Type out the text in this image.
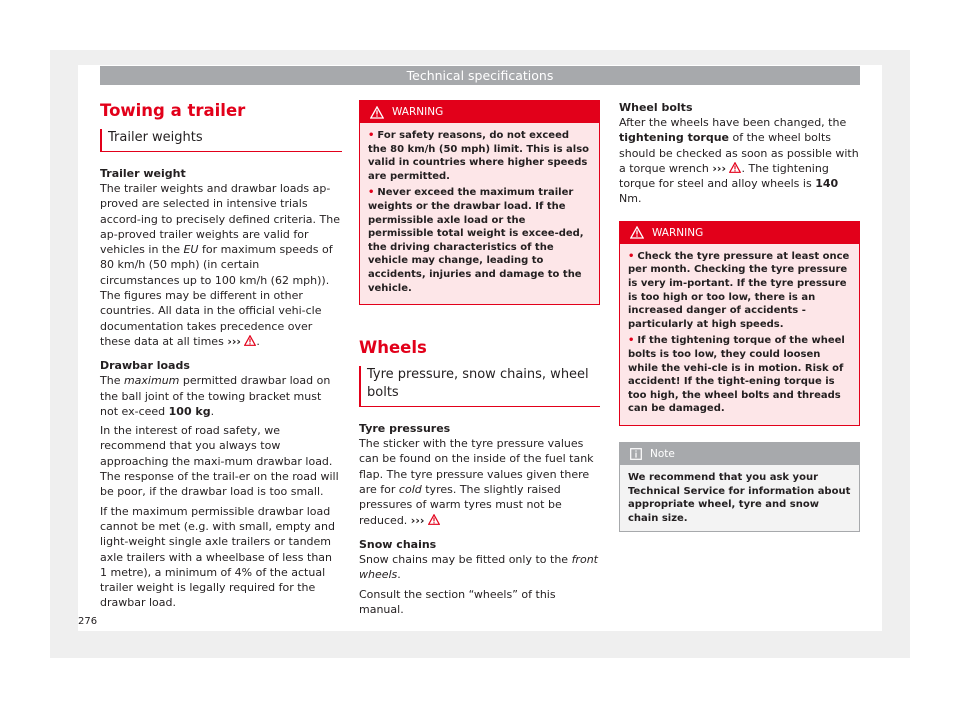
Technical specifications
Towing a trailer
Trailer weights
Trailer weight

The trailer weights and drawbar loads ap-proved are selected in intensive trials accord-ing to precisely defined criteria. The ap-proved trailer weights are valid for vehicles in the EU for maximum speeds of 80 km/h (50 mph) (in certain circumstances up to 100 km/h (62 mph)). The figures may be different in other countries. All data in the official vehi-cle documentation takes precedence over these data at all times ››› .

Drawbar loads

The maximum permitted drawbar load on the ball joint of the towing bracket must not ex-ceed 100 kg.

In the interest of road safety, we recommend that you always tow approaching the maxi-mum drawbar load. The response of the trail-er on the road will be poor, if the drawbar load is too small.

If the maximum permissible drawbar load cannot be met (e.g. with small, empty and light-weight single axle trailers or tandem axle trailers with a wheelbase of less than 1 metre), a minimum of 4% of the actual trailer weight is legally required for the drawbar load.

WARNING
• For safety reasons, do not exceed the 80 km/h (50 mph) limit. This is also valid in countries where higher speeds are permitted.
• Never exceed the maximum trailer weights or the drawbar load. If the permissible axle load or the permissible total weight is excee-ded, the driving characteristics of the vehicle may change, leading to accidents, injuries and damage to the vehicle.
Wheels
Tyre pressure, snow chains, wheel bolts
Tyre pressures

The sticker with the tyre pressure values can be found on the inside of the fuel tank flap. The tyre pressure values given there are for cold tyres. The slightly raised pressures of warm tyres must not be reduced. ›››

Snow chains

Snow chains may be fitted only to the front wheels.

Consult the section “wheels” of this manual.

Wheel bolts

After the wheels have been changed, the tightening torque of the wheel bolts should be checked as soon as possible with a torque wrench ››› . The tightening torque for steel and alloy wheels is 140 Nm.

WARNING
• Check the tyre pressure at least once per month. Checking the tyre pressure is very im-portant. If the tyre pressure is too high or too low, there is an increased danger of accidents - particularly at high speeds.
• If the tightening torque of the wheel bolts is too low, they could loosen while the vehi-cle is in motion. Risk of accident! If the tight-ening torque is too high, the wheel bolts and threads can be damaged.
Note
We recommend that you ask your Technical Service for information about appropriate wheel, tyre and snow chain size.
276
